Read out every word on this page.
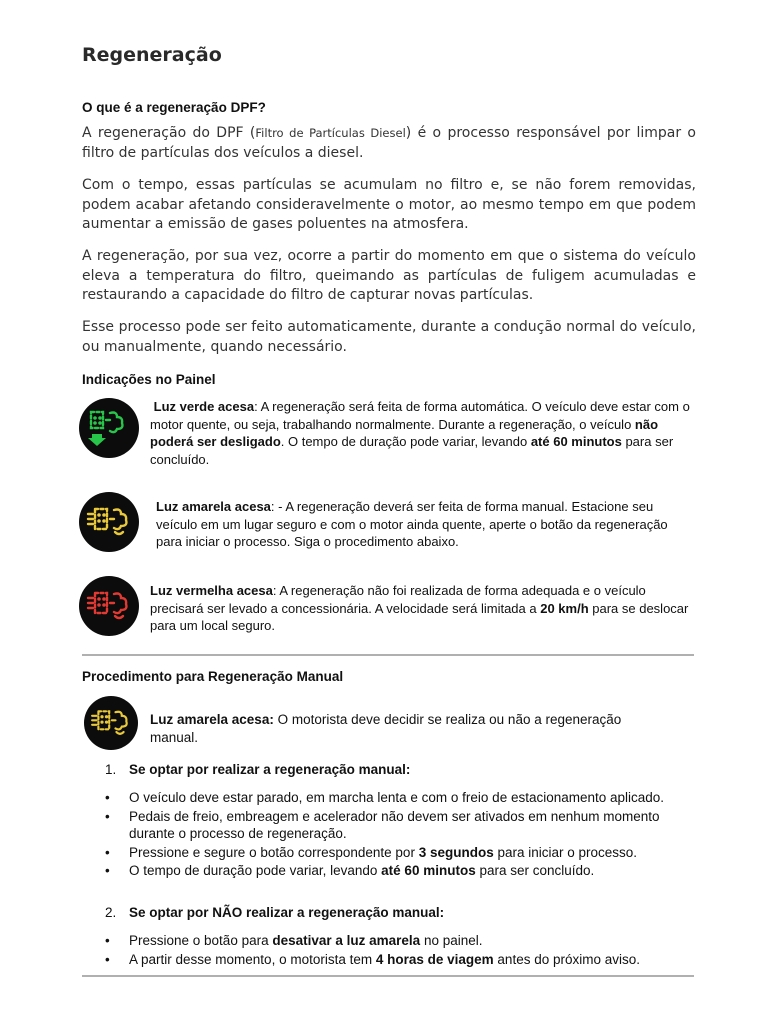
Regeneração
O que é a regeneração DPF?

A regeneração do DPF (Filtro de Partículas Diesel) é o processo responsável por limpar o filtro de partículas dos veículos a diesel.

Com o tempo, essas partículas se acumulam no filtro e, se não forem removidas, podem acabar afetando consideravelmente o motor, ao mesmo tempo em que podem aumentar a emissão de gases poluentes na atmosfera.

A regeneração, por sua vez, ocorre a partir do momento em que o sistema do veículo eleva a temperatura do filtro, queimando as partículas de fuligem acumuladas e restaurando a capacidade do filtro de capturar novas partículas.

Esse processo pode ser feito automaticamente, durante a condução normal do veículo, ou manualmente, quando necessário.

Indicações no Painel

Luz verde acesa: A regeneração será feita de forma automática. O veículo deve estar com o motor quente, ou seja, trabalhando normalmente. Durante a regeneração, o veículo não poderá ser desligado. O tempo de duração pode variar, levando até 60 minutos para ser concluído.

Luz amarela acesa: - A regeneração deverá ser feita de forma manual. Estacione seu veículo em um lugar seguro e com o motor ainda quente, aperte o botão da regeneração para iniciar o processo. Siga o procedimento abaixo.

Luz vermelha acesa: A regeneração não foi realizada de forma adequada e o veículo precisará ser levado a concessionária. A velocidade será limitada a 20 km/h para se deslocar para um local seguro.

Procedimento para Regeneração Manual

Luz amarela acesa: O motorista deve decidir se realiza ou não a regeneração manual.

1. Se optar por realizar a regeneração manual:
• O veículo deve estar parado, em marcha lenta e com o freio de estacionamento aplicado.
• Pedais de freio, embreagem e acelerador não devem ser ativados em nenhum momento durante o processo de regeneração.
• Pressione e segure o botão correspondente por 3 segundos para iniciar o processo.
• O tempo de duração pode variar, levando até 60 minutos para ser concluído.
2. Se optar por NÃO realizar a regeneração manual:
• Pressione o botão para desativar a luz amarela no painel.
• A partir desse momento, o motorista tem 4 horas de viagem antes do próximo aviso.
